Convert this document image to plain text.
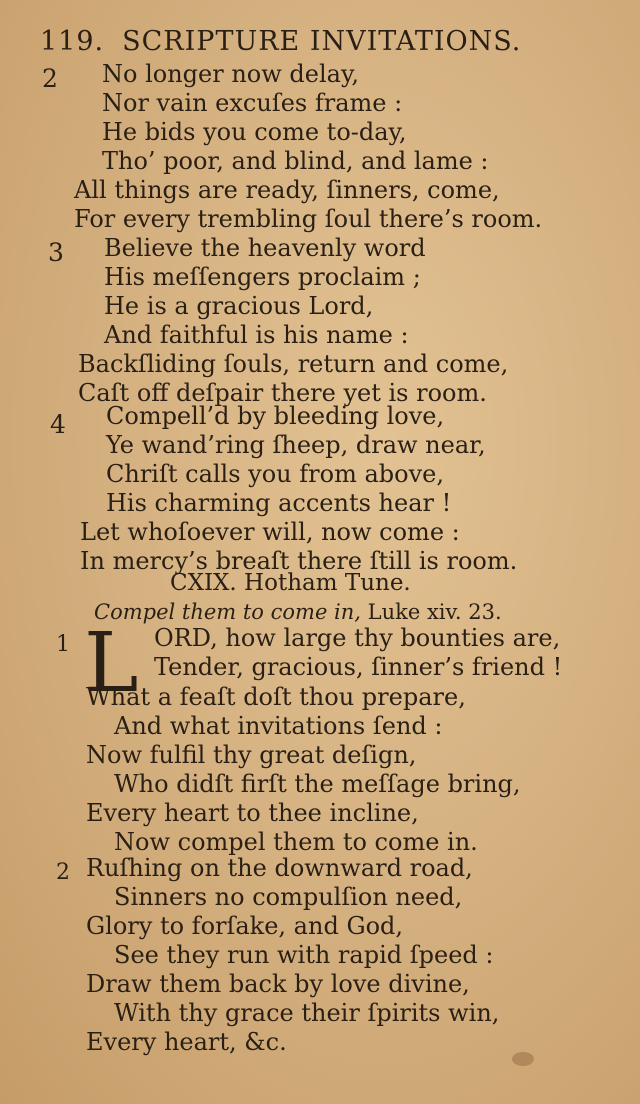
119. SCRIPTURE INVITATIONS.
2 No longer now delay,
Nor vain excuſes frame :
He bids you come to-day,
Tho’ poor, and blind, and lame :
All things are ready, ſinners, come,
For every trembling ſoul there’s room.
3 Believe the heavenly word
His meſſengers proclaim ;
He is a gracious Lord,
And faithful is his name :
Backſliding ſouls, return and come,
Caſt off deſpair there yet is room.
4 Compell’d by bleeding love,
Ye wand’ring ſheep, draw near,
Chriſt calls you from above,
His charming accents hear !
Let whoſoever will, now come :
In mercy’s breaſt there ſtill is room.
CXIX. Hotham Tune.
Compel them to come in, Luke xiv. 23.
1 L ORD, how large thy bounties are,
Tender, gracious, ſinner’s friend !
What a feaſt doſt thou prepare,
And what invitations ſend :
Now fulfil thy great deſign,
Who didſt firſt the meſſage bring,
Every heart to thee incline,
Now compel them to come in.
2 Ruſhing on the downward road,
Sinners no compulſion need,
Glory to forſake, and God,
See they run with rapid ſpeed :
Draw them back by love divine,
With thy grace their ſpirits win,
Every heart, &c.
